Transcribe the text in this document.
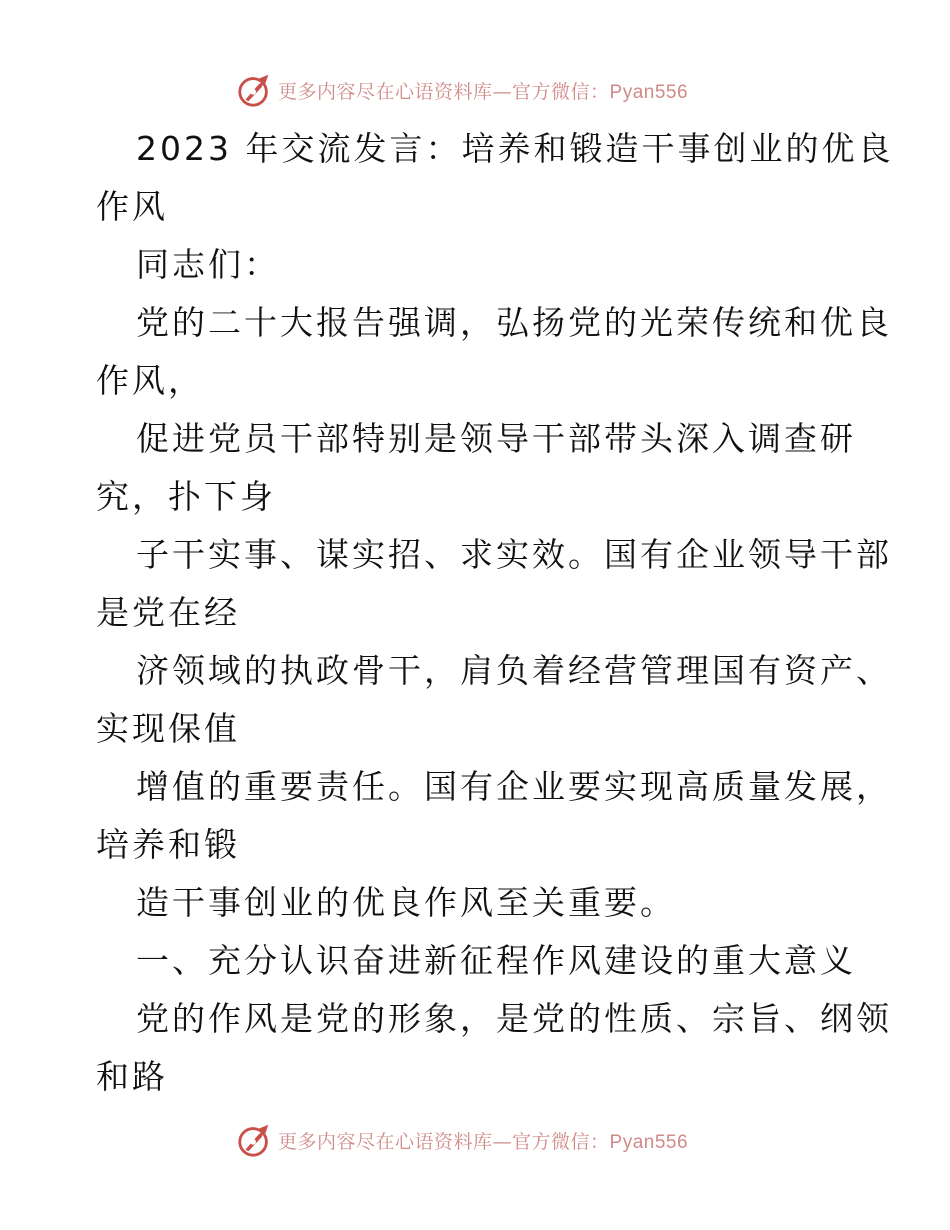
更多内容尽在心语资料库—官方微信：Pyan556
2023 年交流发言：培养和锻造干事创业的优良
作风
同志们：
党的二十大报告强调，弘扬党的光荣传统和优良
作风，
促进党员干部特别是领导干部带头深入调查研
究，扑下身
子干实事、谋实招、求实效。国有企业领导干部
是党在经
济领域的执政骨干，肩负着经营管理国有资产、
实现保值
增值的重要责任。国有企业要实现高质量发展，
培养和锻
造干事创业的优良作风至关重要。
一、充分认识奋进新征程作风建设的重大意义
党的作风是党的形象，是党的性质、宗旨、纲领
和路
更多内容尽在心语资料库—官方微信：Pyan556
